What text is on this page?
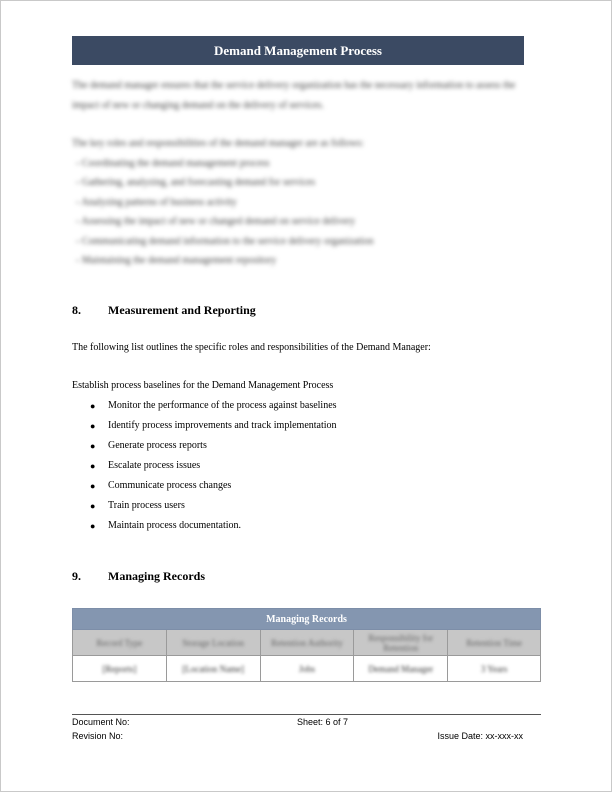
Demand Management Process
The demand manager ensures that the service delivery organization has the necessary information to assess the impact of new or changing demand on the delivery of services.
The key roles and responsibilities of the demand manager are as follows:
- Coordinating the demand management process
- Gathering, analyzing, and forecasting demand for services
- Analyzing patterns of business activity
- Assessing the impact of new or changed demand on service delivery
- Communicating demand information to the service delivery organization
- Maintaining the demand management repository
8.	Measurement and Reporting
The following list outlines the specific roles and responsibilities of the Demand Manager:
Establish process baselines for the Demand Management Process
●	Monitor the performance of the process against baselines
●	Identify process improvements and track implementation
●	Generate process reports
●	Escalate process issues
●	Communicate process changes
●	Train process users
●	Maintain process documentation.
9.	Managing Records
Managing Records				
Record Type	Storage Location	Retention Authority	Responsibility for Retention	Retention Time
[Reports]	[Location Name]	Jobs	Demand Manager	3 Years
Document No:	Sheet: 6 of 7
Revision No:	Issue Date: xx-xxx-xx
